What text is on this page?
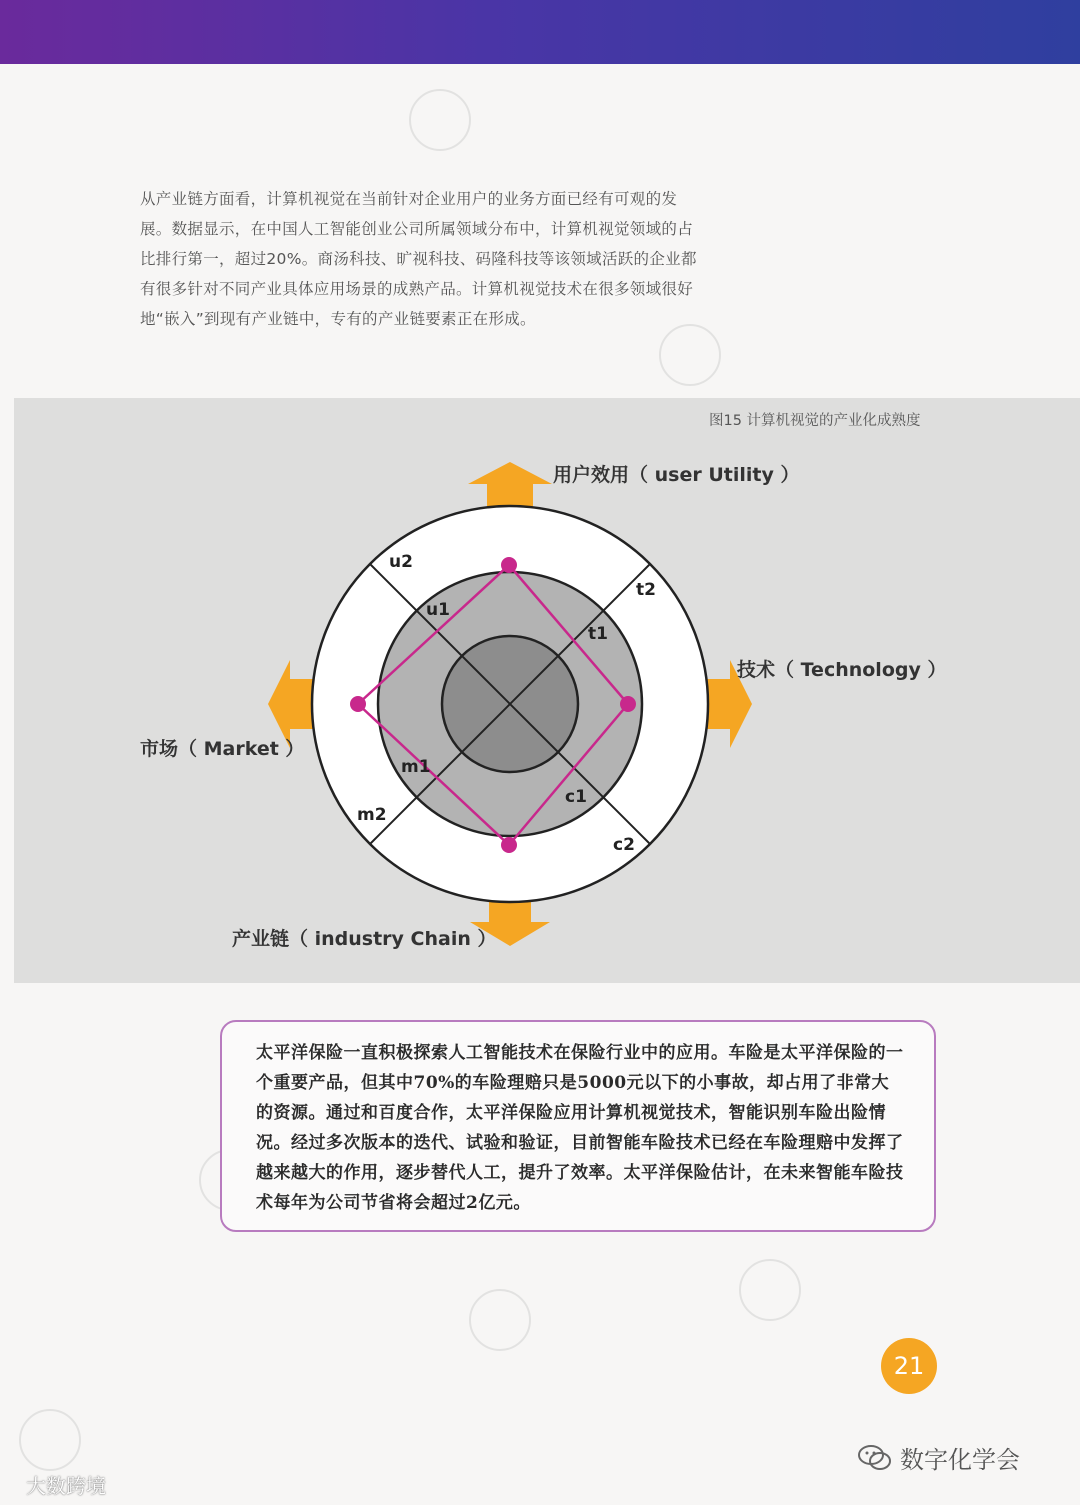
从产业链方面看，计算机视觉在当前针对企业用户的业务方面已经有可观的发展。数据显示，在中国人工智能创业公司所属领域分布中，计算机视觉领域的占比排行第一，超过20%。商汤科技、旷视科技、码隆科技等该领域活跃的企业都有很多针对不同产业具体应用场景的成熟产品。计算机视觉技术在很多领域很好地“嵌入”到现有产业链中，专有的产业链要素正在形成。
图15 计算机视觉的产业化成熟度
用户效用（ user Utility ）
技术（ Technology ）
市场（ Market ）
产业链（ industry Chain ）
u2
u1
t2
t1
m2
m1
c2
c1
太平洋保险一直积极探索人工智能技术在保险行业中的应用。车险是太平洋保险的一个重要产品，但其中70%的车险理赔只是5000元以下的小事故，却占用了非常大的资源。通过和百度合作，太平洋保险应用计算机视觉技术，智能识别车险出险情况。经过多次版本的迭代、试验和验证，目前智能车险技术已经在车险理赔中发挥了越来越大的作用，逐步替代人工，提升了效率。太平洋保险估计，在未来智能车险技术每年为公司节省将会超过2亿元。
21
大数跨境
数字化学会
